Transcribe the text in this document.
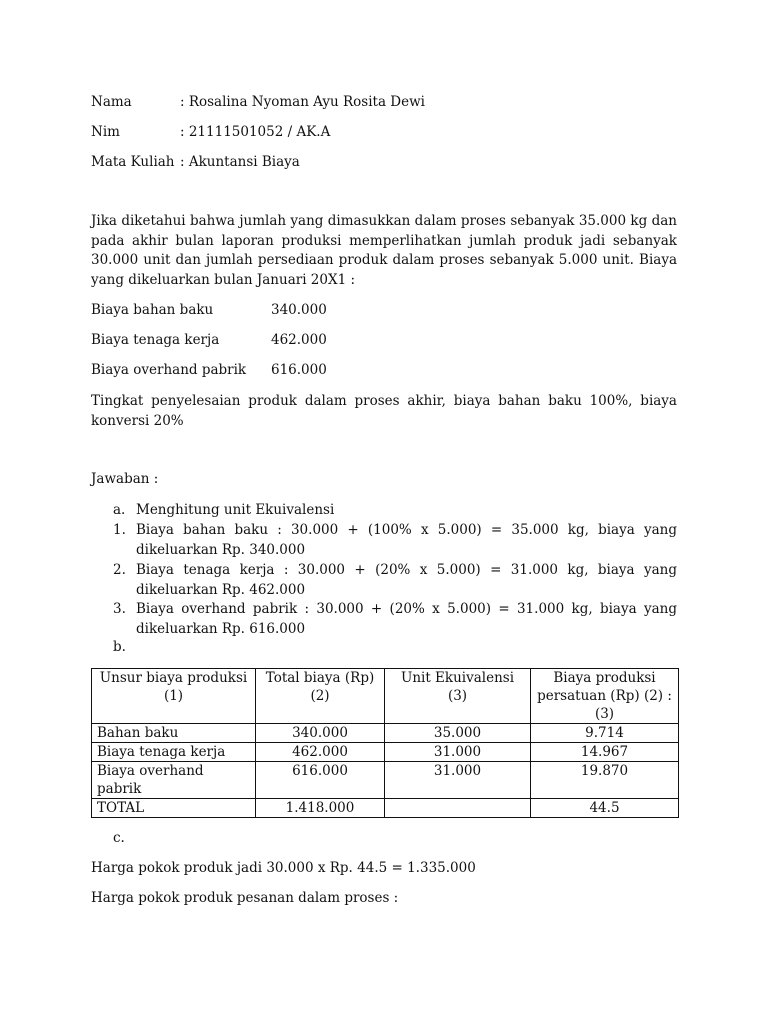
Nama	: Rosalina Nyoman Ayu Rosita Dewi
Nim	: 21111501052 / AK.A
Mata Kuliah : Akuntansi Biaya
Jika diketahui bahwa jumlah yang dimasukkan dalam proses sebanyak 35.000 kg dan pada akhir bulan laporan produksi memperlihatkan jumlah produk jadi sebanyak 30.000 unit dan jumlah persediaan produk dalam proses sebanyak 5.000 unit. Biaya yang dikeluarkan bulan Januari 20X1 :
Biaya bahan baku	340.000
Biaya tenaga kerja	462.000
Biaya overhand pabrik 616.000
Tingkat penyelesaian produk dalam proses akhir, biaya bahan baku 100%, biaya konversi 20%
Jawaban :
a. Menghitung unit Ekuivalensi
1. Biaya bahan baku : 30.000 + (100% x 5.000) = 35.000 kg, biaya yang dikeluarkan Rp. 340.000
2. Biaya tenaga kerja : 30.000 + (20% x 5.000) = 31.000 kg, biaya yang dikeluarkan Rp. 462.000
3. Biaya overhand pabrik : 30.000 + (20% x 5.000) = 31.000 kg, biaya yang dikeluarkan Rp. 616.000
b.
Unsur biaya produksi (1)	Total biaya (Rp) (2)	Unit Ekuivalensi (3)	Biaya produksi persatuan (Rp) (2) : (3)
Bahan baku	340.000	35.000	9.714
Biaya tenaga kerja	462.000	31.000	14.967
Biaya overhand pabrik	616.000	31.000	19.870
TOTAL	1.418.000		44.5
c.
Harga pokok produk jadi 30.000 x Rp. 44.5 = 1.335.000
Harga pokok produk pesanan dalam proses :
